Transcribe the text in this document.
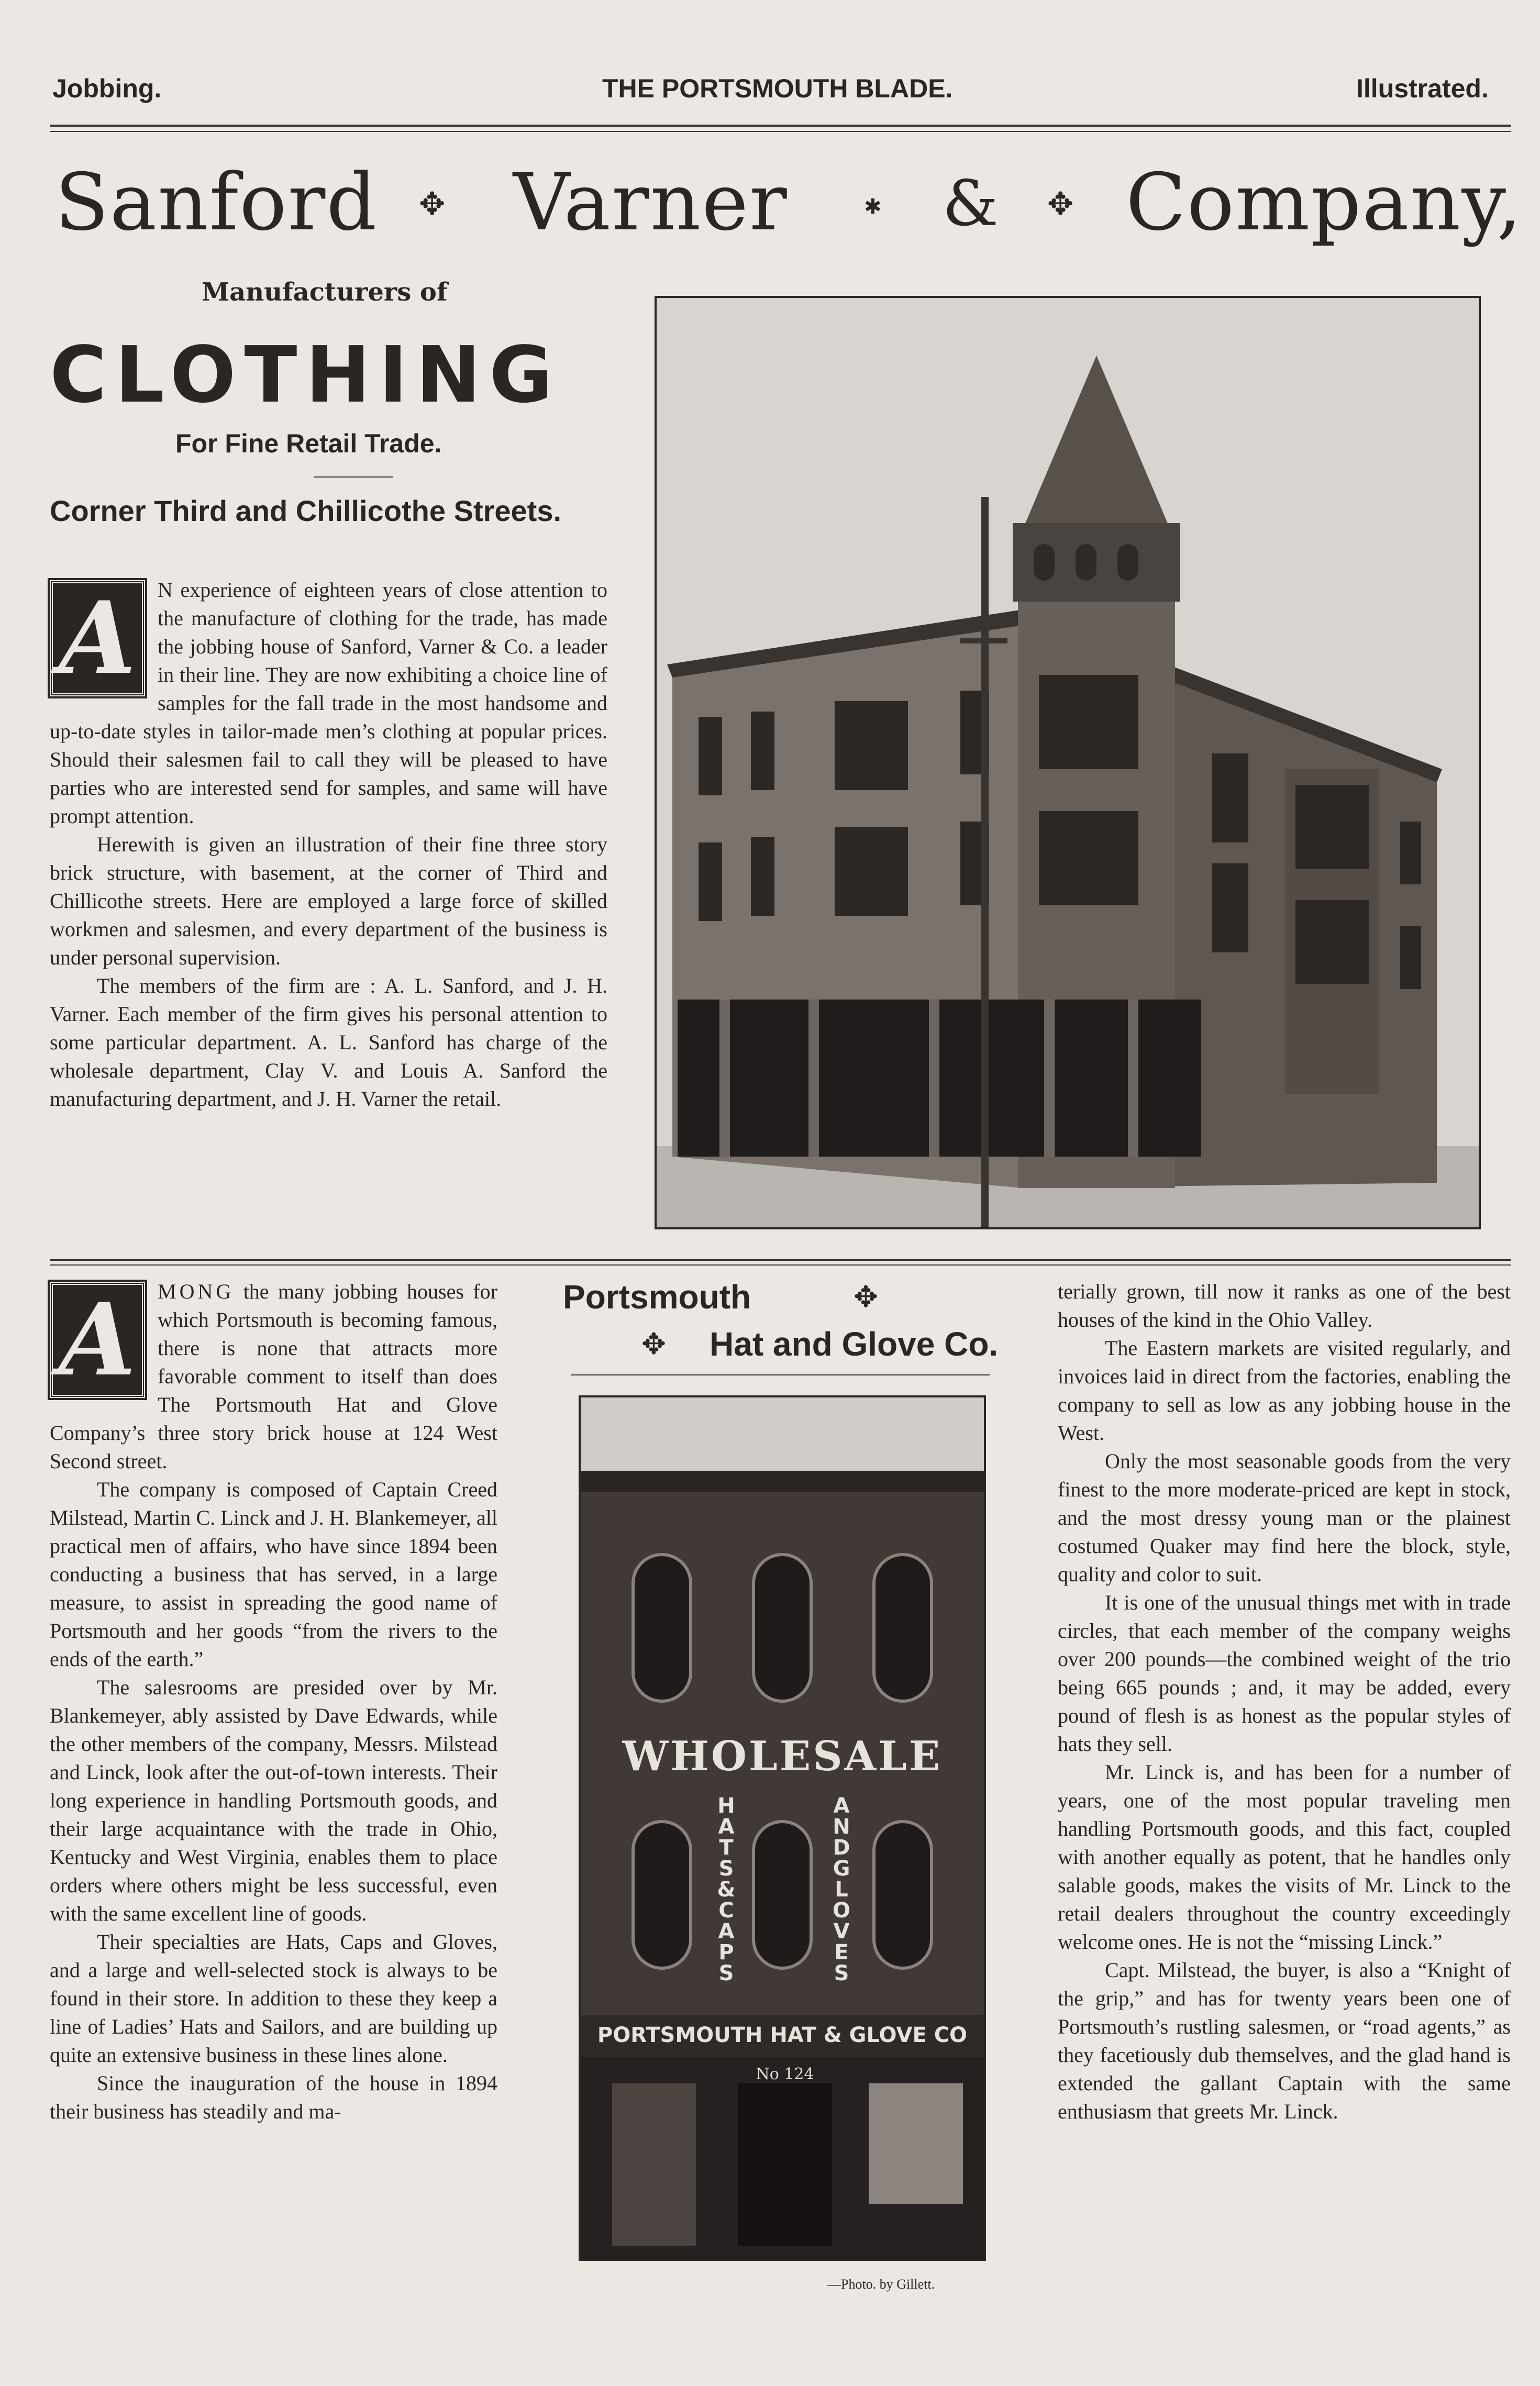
Jobbing.	THE PORTSMOUTH BLADE.	Illustrated.
Sanford ✥ Varner	✱ & ✥ Company,
Manufacturers of
CLOTHING
For Fine Retail Trade.
Corner Third and Chillicothe Streets.
A	N experience of eighteen years of close attention to the manufacture of clothing for the trade, has made the jobbing house of Sanford, Varner & Co. a leader in their line. They are now exhibiting a choice line of samples for the fall trade in the most handsome and up-to-date styles in tailor-made men’s clothing at popular prices. Should their salesmen fail to call they will be pleased to have parties who are interested send for samples, and same will have prompt attention.

Herewith is given an illustration of their fine three story brick structure, with basement, at the corner of Third and Chillicothe streets. Here are employed a large force of skilled workmen and salesmen, and every department of the business is under personal supervision.

The members of the firm are : A. L. Sanford, and J. H. Varner. Each member of the firm gives his personal attention to some particular department. A. L. Sanford has charge of the wholesale department, Clay V. and Louis A. Sanford the manufacturing department, and J. H. Varner the retail.

A	MONG the many jobbing houses for which Portsmouth is becoming famous, there is none that attracts more favorable comment to itself than does The Portsmouth Hat and Glove Company’s three story brick house at 124 West Second street.

The company is composed of Captain Creed Milstead, Martin C. Linck and J. H. Blankemeyer, all practical men of affairs, who have since 1894 been conducting a business that has served, in a large measure, to assist in spreading the good name of Portsmouth and her goods “from the rivers to the ends of the earth.”

The salesrooms are presided over by Mr. Blankemeyer, ably assisted by Dave Edwards, while the other members of the company, Messrs. Milstead and Linck, look after the out-of-town interests. Their long experience in handling Portsmouth goods, and their large acquaintance with the trade in Ohio, Kentucky and West Virginia, enables them to place orders where others might be less successful, even with the same excellent line of goods.

Their specialties are Hats, Caps and Gloves, and a large and well-selected stock is always to be found in their store. In addition to these they keep a line of Ladies’ Hats and Sailors, and are building up quite an extensive business in these lines alone.

Since the inauguration of the house in 1894 their business has steadily and ma-

Portsmouth	✥
✥ Hat and Glove Co.
WHOLESALE
HATS & CAPS
AND GLOVES
PORTSMOUTH HAT & GLOVE CO
No 124
—Photo. by Gillett.

terially grown, till now it ranks as one of the best houses of the kind in the Ohio Valley.

The Eastern markets are visited regularly, and invoices laid in direct from the factories, enabling the company to sell as low as any jobbing house in the West.

Only the most seasonable goods from the very finest to the more moderate-priced are kept in stock, and the most dressy young man or the plainest costumed Quaker may find here the block, style, quality and color to suit.

It is one of the unusual things met with in trade circles, that each member of the company weighs over 200 pounds—the combined weight of the trio being 665 pounds ; and, it may be added, every pound of flesh is as honest as the popular styles of hats they sell.

Mr. Linck is, and has been for a number of years, one of the most popular traveling men handling Portsmouth goods, and this fact, coupled with another equally as potent, that he handles only salable goods, makes the visits of Mr. Linck to the retail dealers throughout the country exceedingly welcome ones. He is not the “missing Linck.”

Capt. Milstead, the buyer, is also a “Knight of the grip,” and has for twenty years been one of Portsmouth’s rustling salesmen, or “road agents,” as they facetiously dub themselves, and the glad hand is extended the gallant Captain with the same enthusiasm that greets Mr. Linck.
